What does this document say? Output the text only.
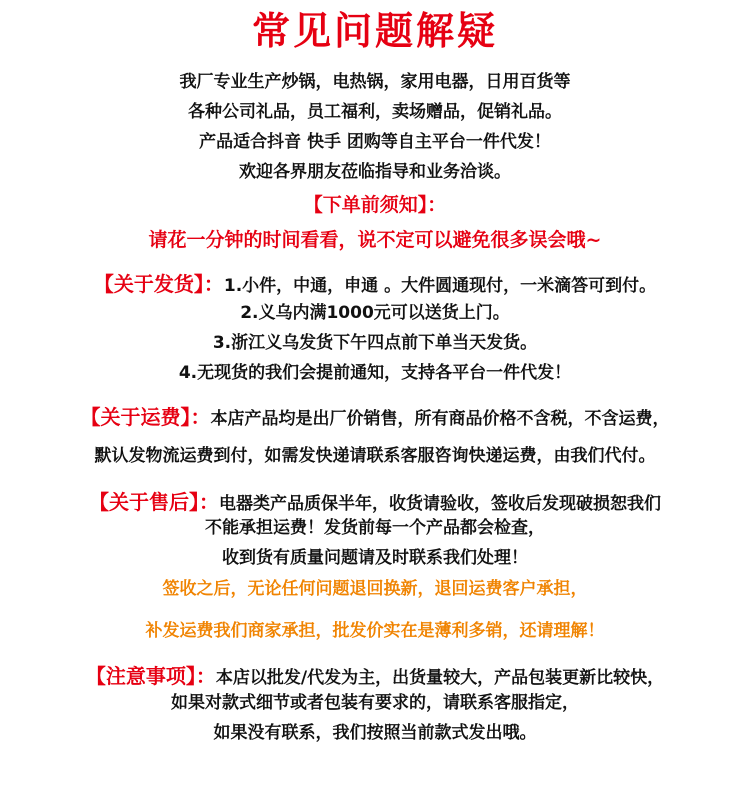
常见问题解疑
我厂专业生产炒锅，电热锅，家用电器，日用百货等
各种公司礼品，员工福利，卖场赠品，促销礼品。
产品适合抖音 快手 团购等自主平台一件代发！
欢迎各界朋友莅临指导和业务洽谈。
【下单前须知】：
请花一分钟的时间看看，说不定可以避免很多误会哦~
【关于发货】：1.小件，中通，申通 。大件圆通现付，一米滴答可到付。
2.义乌内满1000元可以送货上门。
3.浙江义乌发货下午四点前下单当天发货。
4.无现货的我们会提前通知，支持各平台一件代发！
【关于运费】：本店产品均是出厂价销售，所有商品价格不含税，不含运费，
默认发物流运费到付，如需发快递请联系客服咨询快递运费，由我们代付。
【关于售后】：电器类产品质保半年，收货请验收，签收后发现破损恕我们
不能承担运费！发货前每一个产品都会检查，
收到货有质量问题请及时联系我们处理！
签收之后，无论任何问题退回换新，退回运费客户承担，
补发运费我们商家承担，批发价实在是薄利多销，还请理解！
【注意事项】：本店以批发/代发为主，出货量较大，产品包装更新比较快，
如果对款式细节或者包装有要求的，请联系客服指定，
如果没有联系，我们按照当前款式发出哦。
